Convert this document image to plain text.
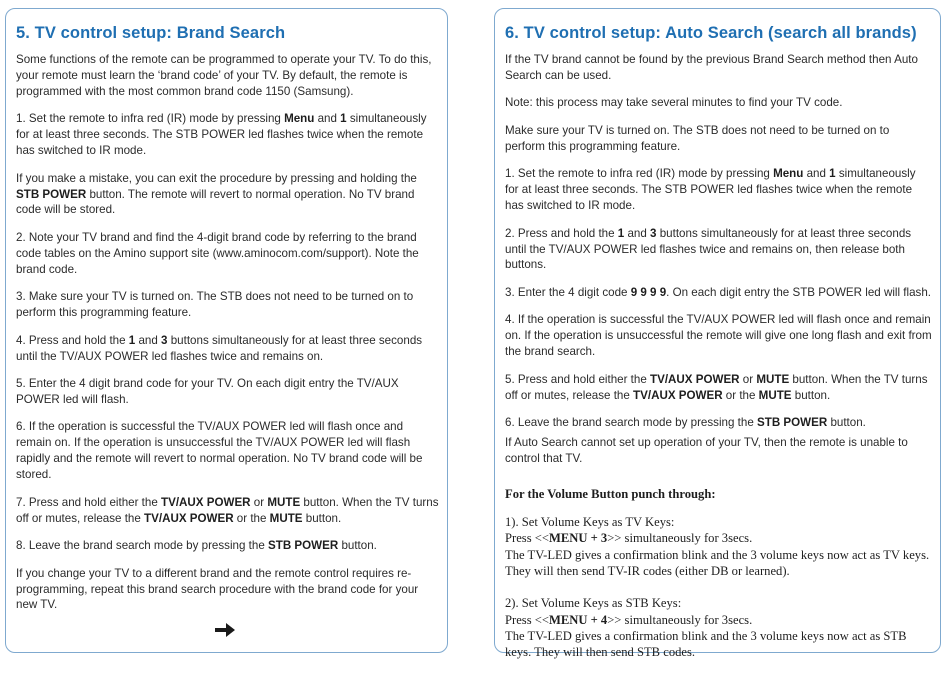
5. TV control setup: Brand Search

Some functions of the remote can be programmed to operate your TV. To do this, your remote must learn the ‘brand code’ of your TV. By default, the remote is programmed with the most common brand code 1150 (Samsung).

1. Set the remote to infra red (IR) mode by pressing Menu and 1 simultaneously for at least three seconds. The STB POWER led flashes twice when the remote has switched to IR mode.

If you make a mistake, you can exit the procedure by pressing and holding the STB POWER button. The remote will revert to normal operation. No TV brand code will be stored.

2. Note your TV brand and find the 4-digit brand code by referring to the brand code tables on the Amino support site (www.aminocom.com/support). Note the brand code.

3. Make sure your TV is turned on. The STB does not need to be turned on to perform this programming feature.

4. Press and hold the 1 and 3 buttons simultaneously for at least three seconds until the TV/AUX POWER led flashes twice and remains on.

5. Enter the 4 digit brand code for your TV. On each digit entry the TV/AUX POWER led will flash.

6. If the operation is successful the TV/AUX POWER led will flash once and remain on. If the operation is unsuccessful the TV/AUX POWER led will flash rapidly and the remote will revert to normal operation. No TV brand code will be stored.

7. Press and hold either the TV/AUX POWER or MUTE button. When the TV turns off or mutes, release the TV/AUX POWER or the MUTE button.

8. Leave the brand search mode by pressing the STB POWER button.

If you change your TV to a different brand and the remote control requires re-programming, repeat this brand search procedure with the brand code for your new TV.

6. TV control setup: Auto Search (search all brands)

If the TV brand cannot be found by the previous Brand Search method then Auto Search can be used.

Note: this process may take several minutes to find your TV code.

Make sure your TV is turned on. The STB does not need to be turned on to perform this programming feature.

1. Set the remote to infra red (IR) mode by pressing Menu and 1 simultaneously for at least three seconds. The STB POWER led flashes twice when the remote has switched to IR mode.

2. Press and hold the 1 and 3 buttons simultaneously for at least three seconds until the TV/AUX POWER led flashes twice and remains on, then release both buttons.

3. Enter the 4 digit code 9 9 9 9. On each digit entry the STB POWER led will flash.

4. If the operation is successful the TV/AUX POWER led will flash once and remain on. If the operation is unsuccessful the remote will give one long flash and exit from the brand search.

5. Press and hold either the TV/AUX POWER or MUTE button. When the TV turns off or mutes, release the TV/AUX POWER or the MUTE button.

6. Leave the brand search mode by pressing the STB POWER button.

If Auto Search cannot set up operation of your TV, then the remote is unable to control that TV.

For the Volume Button punch through:

1). Set Volume Keys as TV Keys:
Press <<MENU + 3>> simultaneously for 3secs.
The TV-LED gives a confirmation blink and the 3 volume keys now act as TV keys. They will then send TV-IR codes (either DB or learned).

2). Set Volume Keys as STB Keys:
Press <<MENU + 4>> simultaneously for 3secs.
The TV-LED gives a confirmation blink and the 3 volume keys now act as STB keys. They will then send STB codes.
